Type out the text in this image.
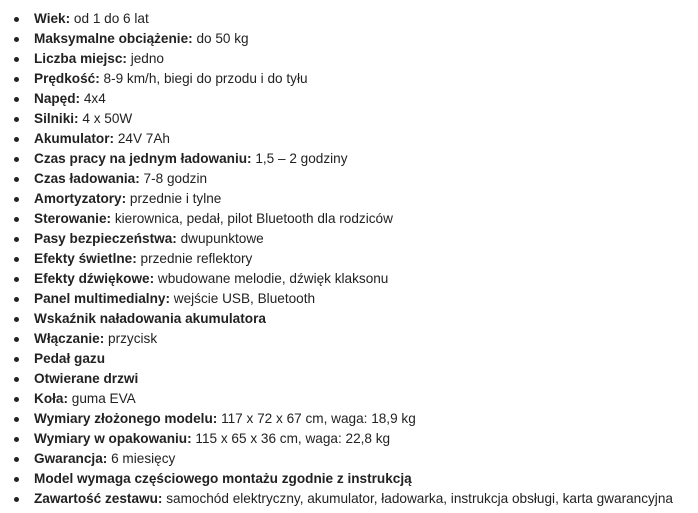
Wiek: od 1 do 6 lat
Maksymalne obciążenie: do 50 kg
Liczba miejsc: jedno
Prędkość: 8-9 km/h, biegi do przodu i do tyłu
Napęd: 4x4
Silniki: 4 x 50W
Akumulator: 24V 7Ah
Czas pracy na jednym ładowaniu: 1,5 – 2 godziny
Czas ładowania: 7-8 godzin
Amortyzatory: przednie i tylne
Sterowanie: kierownica, pedał, pilot Bluetooth dla rodziców
Pasy bezpieczeństwa: dwupunktowe
Efekty świetlne: przednie reflektory
Efekty dźwiękowe: wbudowane melodie, dźwięk klaksonu
Panel multimedialny: wejście USB, Bluetooth
Wskaźnik naładowania akumulatora
Włączanie: przycisk
Pedał gazu
Otwierane drzwi
Koła: guma EVA
Wymiary złożonego modelu: 117 x 72 x 67 cm, waga: 18,9 kg
Wymiary w opakowaniu: 115 x 65 x 36 cm, waga: 22,8 kg
Gwarancja: 6 miesięcy
Model wymaga częściowego montażu zgodnie z instrukcją
Zawartość zestawu: samochód elektryczny, akumulator, ładowarka, instrukcja obsługi, karta gwarancyjna
